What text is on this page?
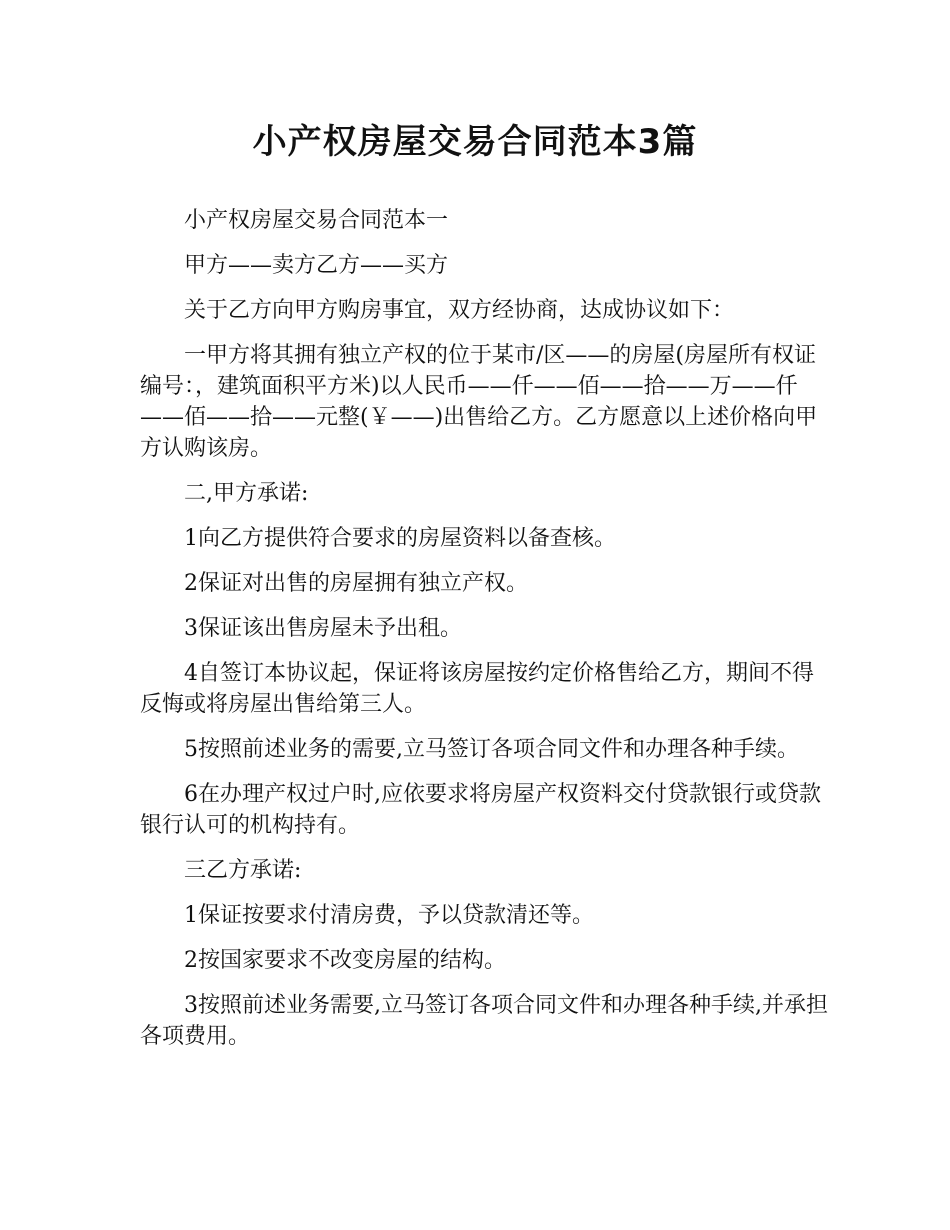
小产权房屋交易合同范本3篇

小产权房屋交易合同范本一

甲方——卖方乙方——买方

关于乙方向甲方购房事宜，双方经协商，达成协议如下：

一甲方将其拥有独立产权的位于某市/区——的房屋(房屋所有权证编号：，建筑面积平方米)以人民币——仟——佰——拾——万——仟——佰——拾——元整(￥——)出售给乙方。乙方愿意以上述价格向甲方认购该房。

二,甲方承诺:

1向乙方提供符合要求的房屋资料以备查核。

2保证对出售的房屋拥有独立产权。

3保证该出售房屋未予出租。

4自签订本协议起，保证将该房屋按约定价格售给乙方，期间不得反悔或将房屋出售给第三人。

5按照前述业务的需要,立马签订各项合同文件和办理各种手续。

6在办理产权过户时,应依要求将房屋产权资料交付贷款银行或贷款银行认可的机构持有。

三乙方承诺:

1保证按要求付清房费，予以贷款清还等。

2按国家要求不改变房屋的结构。

3按照前述业务需要,立马签订各项合同文件和办理各种手续,并承担各项费用。
